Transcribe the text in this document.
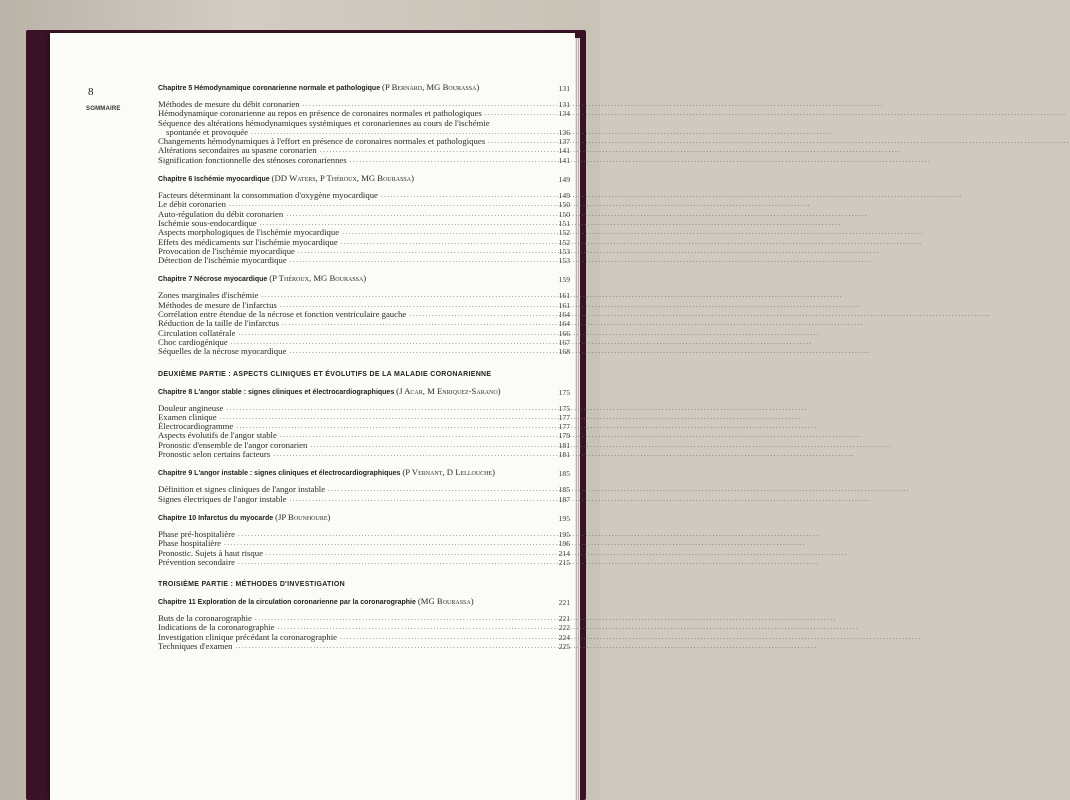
8
SOMMAIRE
Chapitre 5 Hémodynamique coronarienne normale et pathologique (P Bernard, MG Bourassa)	131
Méthodes de mesure du débit coronarien .....	131
Hémodynamique coronarienne au repos en présence de coronaires normales et pathologiques .....	134
Séquence des altérations hémodynamiques systémiques et coronariennes au cours de l'ischémie
spontanée et provoquée .....	136
Changements hémodynamiques à l'effort en présence de coronaires normales et pathologiques .....	137
Altérations secondaires au spasme coronarien .....	141
Signification fonctionnelle des sténoses coronariennes .....	141
Chapitre 6 Ischémie myocardique (DD Waters, P Théroux, MG Bourassa)	149
Facteurs déterminant la consommation d'oxygène myocardique .....	149
Le débit coronarien .....	150
Auto-régulation du débit coronarien .....	150
Ischémie sous-endocardique .....	151
Aspects morphologiques de l'ischémie myocardique .....	152
Effets des médicaments sur l'ischémie myocardique .....	152
Provocation de l'ischémie myocardique .....	153
Détection de l'ischémie myocardique .....	153
Chapitre 7 Nécrose myocardique (P Théroux, MG Bourassa)	159
Zones marginales d'ischémie .....	161
Méthodes de mesure de l'infarctus .....	161
Corrélation entre étendue de la nécrose et fonction ventriculaire gauche .....	164
Réduction de la taille de l'infarctus .....	164
Circulation collatérale .....	166
Choc cardiogénique .....	167
Séquelles de la nécrose myocardique .....	168
DEUXIÈME PARTIE : ASPECTS CLINIQUES ET ÉVOLUTIFS DE LA MALADIE CORONARIENNE
Chapitre 8 L'angor stable : signes cliniques et électrocardiographiques (J Acar, M Enriquez-Sarano)	175
Douleur angineuse .....	175
Examen clinique .....	177
Électrocardiogramme .....	177
Aspects évolutifs de l'angor stable .....	179
Pronostic d'ensemble de l'angor coronarien .....	181
Pronostic selon certains facteurs .....	181
Chapitre 9 L'angor instable : signes cliniques et électrocardiographiques (P Vernant, D Lellouche)	185
Définition et signes cliniques de l'angor instable .....	185
Signes électriques de l'angor instable .....	187
Chapitre 10 Infarctus du myocarde (JP Bounhoure)	195
Phase pré-hospitalière .....	195
Phase hospitalière .....	196
Pronostic. Sujets à haut risque .....	214
Prévention secondaire .....	215
TROISIÈME PARTIE : MÉTHODES D'INVESTIGATION
Chapitre 11 Exploration de la circulation coronarienne par la coronarographie (MG Bourassa)	221
Buts de la coronarographie .....	221
Indications de la coronarographie .....	222
Investigation clinique précédant la coronarographie .....	224
Techniques d'examen .....	225
